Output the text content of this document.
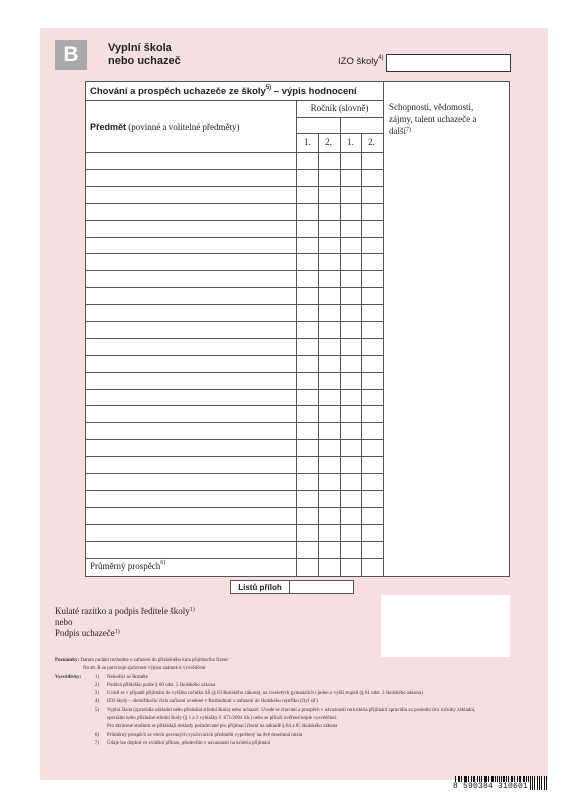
B	Vyplní škola
nebo uchazeč	IZO školy$^{4)}$
Chování a prospěch uchazeče ze školy$^{5)}$ – výpis hodnocení
Předmět (povinné a volitelné předměty)
Ročník (slovně)	Schopnosti, vědomosti, zájmy, talent uchazeče a další$^{7)}$
1.	2.	1.	2.
Průměrný prospěch$^{6)}$
Listů příloh
Kulaté razítko a podpis ředitele školy$^{1)}$
nebo
Podpis uchazeče$^{1)}$
Poznámky: Datum podání rozhodne o zařazení do příslušného kola přijímacího řízení
Na str. B se potvrzuje správnost výpisu známek k vysvědčení
Vysvětlivky:	1) Nehodící se škrtněte
2) Podává přihlášku podle § 60 odst. 5 školského zákona
3) Uvádí se v případě přijímání do vyššího ročníku SŠ (§ 63 školského zákona), na víceletých gymnáziích i jeden o vyšší stupeň (§ 61 odst. 3 školského zákona)
4) IZO školy – identifikační číslo zařízení uvedené v Rozhodnutí o zařazení do školského rejstříku (čtyř síť)
5) Vyplní škola (zpravidla základní nebo příslušná střední škola) nebo uchazeč. Uvede se chování a prospěch v návaznosti na kritéria přijímání zpravidla za poslední dva ročníky základní,
speciální nebo příslušné střední školy (§ 1 a 3 vyhlášky č. 671/2004 Sb.) nebo se přiloží ověřené kopie vysvědčení.
Pro zkrácené studium se přikládají doklady požadované pro přijímací řízení na základě § 84 a 85 školského zákona
6) Průměrný prospěch ze všech povinných vyučovacích předmětů vypočtený na dvě desetinná místa
7) Údaje lze doplnit ve zvláštní příloze, především v návaznosti na kritéria přijímání
8 590384 310601
